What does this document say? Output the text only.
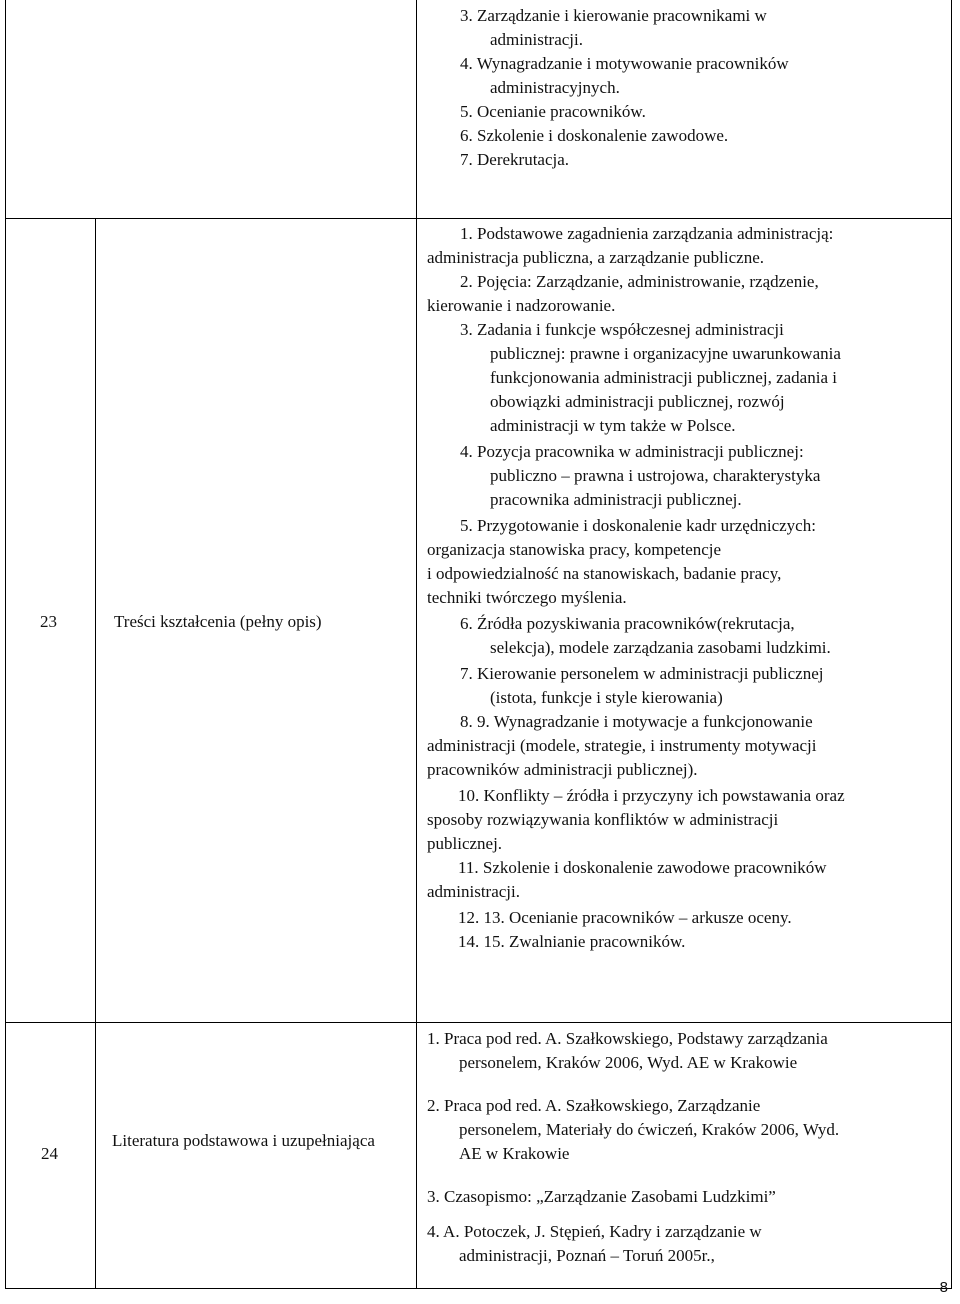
3. Zarządzanie i kierowanie pracownikami w
administracji.
4. Wynagradzanie i motywowanie pracowników
administracyjnych.
5. Ocenianie pracowników.
6. Szkolenie i doskonalenie zawodowe.
7. Derekrutacja.
23	Treści kształcenia (pełny opis)
1. Podstawowe zagadnienia zarządzania administracją:
administracja publiczna, a zarządzanie publiczne.
2. Pojęcia: Zarządzanie, administrowanie, rządzenie,
kierowanie i nadzorowanie.
3. Zadania i funkcje współczesnej administracji
publicznej: prawne i organizacyjne uwarunkowania
funkcjonowania administracji publicznej, zadania i
obowiązki administracji publicznej, rozwój
administracji w tym także w Polsce.
4. Pozycja pracownika w administracji publicznej:
publiczno – prawna i ustrojowa, charakterystyka
pracownika administracji publicznej.
5. Przygotowanie i doskonalenie kadr urzędniczych:
organizacja stanowiska pracy, kompetencje
i odpowiedzialność na stanowiskach, badanie pracy,
techniki twórczego myślenia.
6. Źródła pozyskiwania pracowników(rekrutacja,
selekcja), modele zarządzania zasobami ludzkimi.
7. Kierowanie personelem w administracji publicznej
(istota, funkcje i style kierowania)
8. 9. Wynagradzanie i motywacje a funkcjonowanie
administracji (modele, strategie, i instrumenty motywacji
pracowników administracji publicznej).
10. Konflikty – źródła i przyczyny ich powstawania oraz
sposoby rozwiązywania konfliktów w administracji
publicznej.
11. Szkolenie i doskonalenie zawodowe pracowników
administracji.
12. 13. Ocenianie pracowników – arkusze oceny.
14. 15. Zwalnianie pracowników.
24
Literatura podstawowa i uzupełniająca
1. Praca pod red. A. Szałkowskiego, Podstawy zarządzania
personelem, Kraków 2006, Wyd. AE w Krakowie
2. Praca pod red. A. Szałkowskiego, Zarządzanie
personelem, Materiały do ćwiczeń, Kraków 2006, Wyd.
AE w Krakowie
3. Czasopismo: „Zarządzanie Zasobami Ludzkimi”
4. A. Potoczek, J. Stępień, Kadry i zarządzanie w
administracji, Poznań – Toruń 2005r.,
8
